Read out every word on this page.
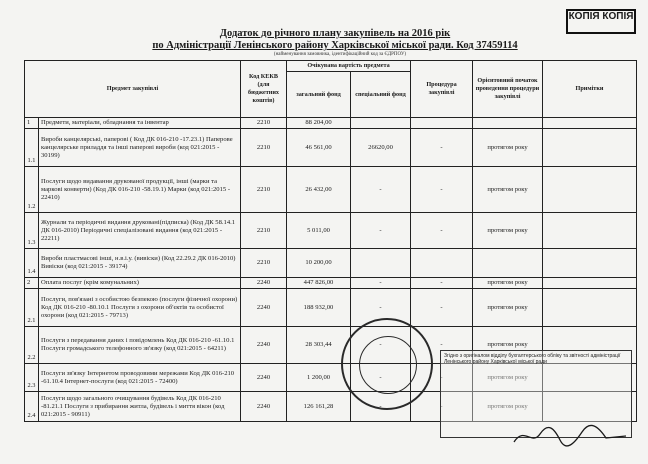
КОПІЯ КОПІЯ
Додаток до річного плану закупівель на 2016 рік
по Адміністрації Ленінського району Харківської міської ради. Код 37459114
(найменування замовника, ідентифікаційний код за ЄДРПОУ)
Предмет закупівлі		Код КЕКВ (для бюджетних коштів)	Очікувана вартість предмета		Процедура закупівлі	Орієнтовний початок проведення процедури закупівлі	Примітки
			загальний фонд	спеціальний фонд			
1	Предмети, матеріали, обладнання та інвентар	2210	88 204,00				
1.1	Вироби канцелярські, паперові ( Код ДК 016-210 -17.23.1) Паперове канцелярське приладдя та інші паперові вироби (код 021:2015 - 30199)	2210	46 561,00	26620,00	-	протягом року	
1.2	Послуги щодо видавання друкованої продукції, інші (марки та маркові конверти) (Код ДК 016-210 -58.19.1) Марки (код 021:2015 - 22410)	2210	26 432,00	-	-	протягом року	
1.3	Журнали та періодичні видання друковані(підписка) (Код ДК 58.14.1 ДК 016-2010) Періодичні спеціалізовані видання (код 021:2015 - 22211)	2210	5 011,00	-	-	протягом року	
1.4	Вироби пластмасові інші, н.в.і.у. (вивіски) (Код 22.29.2 ДК 016-2010) Вивіски (код 021:2015 - 39174)	2210	10 200,00				
2	Оплата послуг (крім комунальних)	2240	447 826,00	-	-	протягом року	
2.1	Послуги, пов'язані з особистою безпекою (послуги фізичної охорони) Код ДК 016-210 -80.10.1 Послуги з охорони об'єктів та особистої охорони (код 021:2015 - 79713)	2240	188 932,00	-	-	протягом року	
2.2	Послуги з передавання даних і повідомлень Код ДК 016-210 -61.10.1 Послуги громадського телефонного зв'язку (код 021:2015 - 64211)	2240	28 303,44	-	-	протягом року	
2.3	Послуги зв'язку Інтернетом проводовими мережами Код ДК 016-210 -61.10.4 Інтернет-послуги (код 021:2015 - 72400)	2240	1 200,00	-	-	протягом року	
2.4	Послуги щодо загального очищування будівель Код ДК 016-210 -81.21.1 Послуги з прибирання житла, будівель і миття вікон (код 021:2015 - 90911)	2240	126 161,28	-	-	протягом року	
Згідно з оригіналом відділу бухгалтерського обліку та звітності адміністрації Ленінського району Харківської міської ради
